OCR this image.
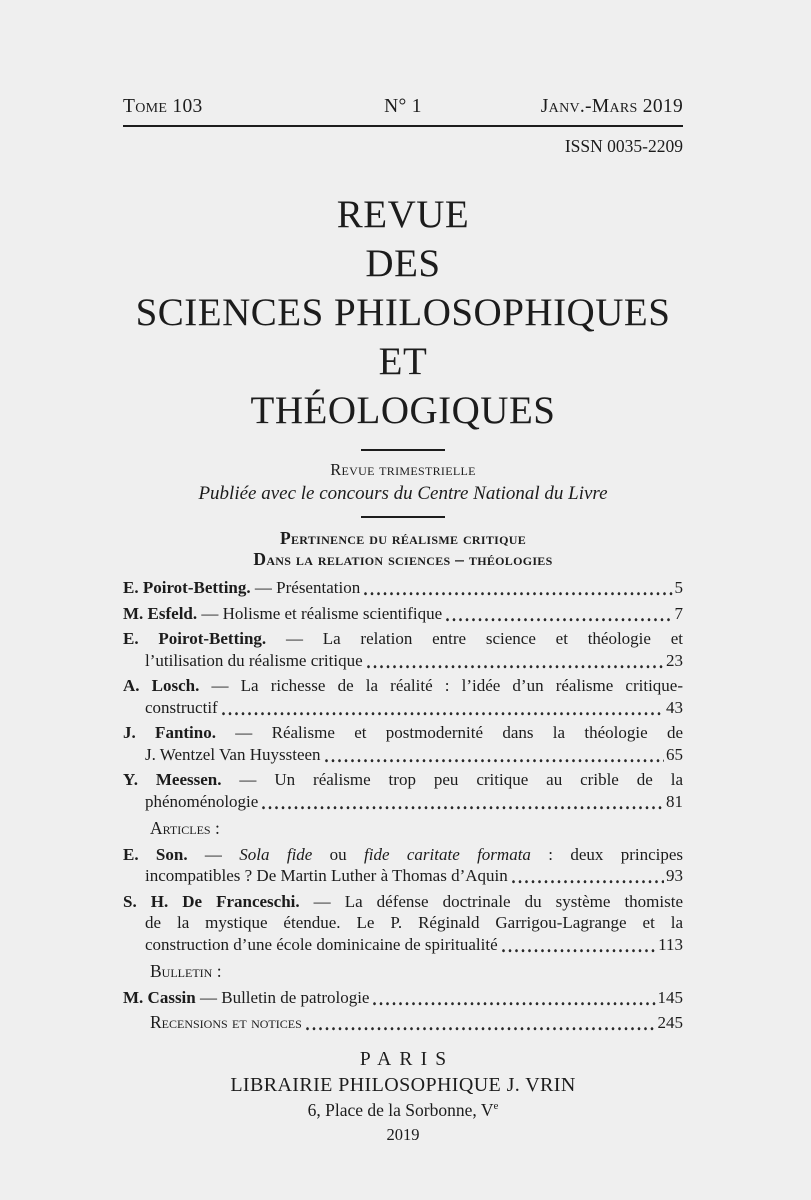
Tome 103	N° 1	Janv.-Mars 2019
ISSN 0035-2209
REVUE
DES
SCIENCES PHILOSOPHIQUES
ET
THÉOLOGIQUES
Revue trimestrielle
Publiée avec le concours du Centre National du Livre
Pertinence du réalisme critique
Dans la relation sciences – théologies
E. Poirot-Betting. — Présentation	5
M. Esfeld. — Holisme et réalisme scientifique	7
E. Poirot-Betting. — La relation entre science et théologie et
l’utilisation du réalisme critique	23
A. Losch. — La richesse de la réalité : l’idée d’un réalisme critique-
constructif	43
J. Fantino. — Réalisme et postmodernité dans la théologie de
J. Wentzel Van Huyssteen	65
Y. Meessen. — Un réalisme trop peu critique au crible de la
phénoménologie	81
Articles :
E. Son. — Sola fide ou fide caritate formata : deux principes
incompatibles ? De Martin Luther à Thomas d’Aquin	93
S. H. De Franceschi. — La défense doctrinale du système thomiste
de la mystique étendue. Le P. Réginald Garrigou-Lagrange et la
construction d’une école dominicaine de spiritualité	113
Bulletin :
M. Cassin — Bulletin de patrologie	145
Recensions et notices	245
PARIS
LIBRAIRIE PHILOSOPHIQUE J. VRIN
6, Place de la Sorbonne, Ve
2019
